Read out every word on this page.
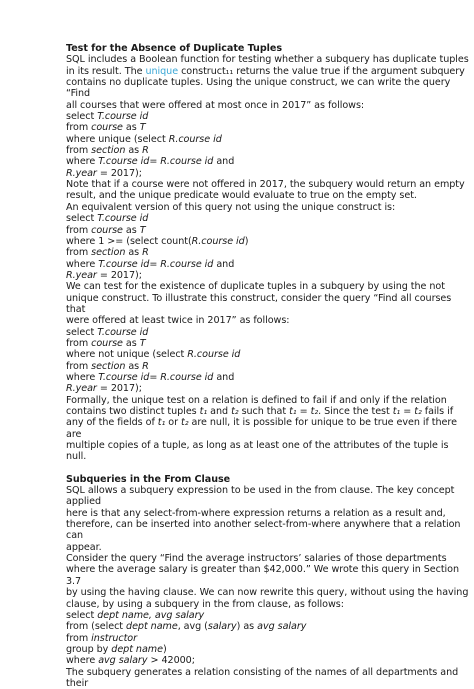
Test for the Absence of Duplicate Tuples
SQL includes a Boolean function for testing whether a subquery has duplicate tuples
in its result. The unique construct₁₁ returns the value true if the argument subquery
contains no duplicate tuples. Using the unique construct, we can write the query
“Find
all courses that were offered at most once in 2017” as follows:
select T.course id
from course as T
where unique (select R.course id
from section as R
where T.course id= R.course id and
R.year = 2017);
Note that if a course were not offered in 2017, the subquery would return an empty
result, and the unique predicate would evaluate to true on the empty set.
An equivalent version of this query not using the unique construct is:
select T.course id
from course as T
where 1 >= (select count(R.course id)
from section as R
where T.course id= R.course id and
R.year = 2017);
We can test for the existence of duplicate tuples in a subquery by using the not
unique construct. To illustrate this construct, consider the query “Find all courses
that
were offered at least twice in 2017” as follows:
select T.course id
from course as T
where not unique (select R.course id
from section as R
where T.course id= R.course id and
R.year = 2017);
Formally, the unique test on a relation is defined to fail if and only if the relation
contains two distinct tuples t₁ and t₂ such that t₁ = t₂. Since the test t₁ = t₂ fails if
any of the fields of t₁ or t₂ are null, it is possible for unique to be true even if there
are
multiple copies of a tuple, as long as at least one of the attributes of the tuple is
null.
Subqueries in the From Clause
SQL allows a subquery expression to be used in the from clause. The key concept
applied
here is that any select-from-where expression returns a relation as a result and,
therefore, can be inserted into another select-from-where anywhere that a relation
can
appear.
Consider the query “Find the average instructors’ salaries of those departments
where the average salary is greater than $42,000.” We wrote this query in Section
3.7
by using the having clause. We can now rewrite this query, without using the having
clause, by using a subquery in the from clause, as follows:
select dept name, avg salary
from (select dept name, avg (salary) as avg salary
from instructor
group by dept name)
where avg salary > 42000;
The subquery generates a relation consisting of the names of all departments and
their
